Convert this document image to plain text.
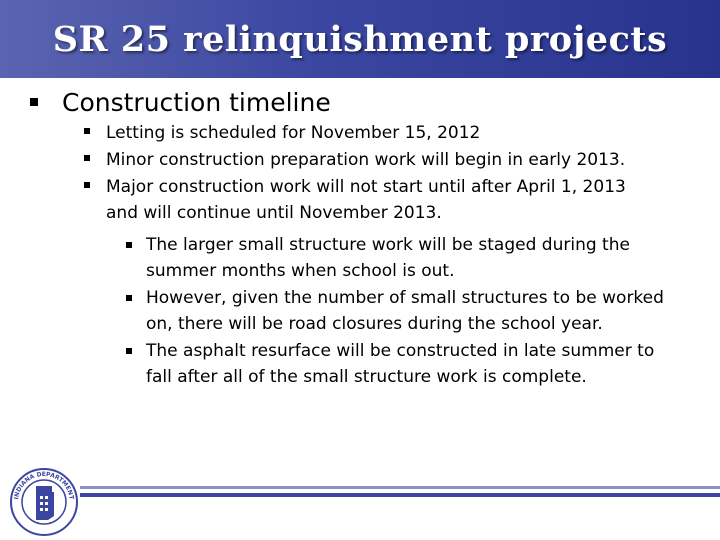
SR 25 relinquishment projects
Construction timeline
Letting is scheduled for November 15, 2012
Minor construction preparation work will begin in early 2013.
Major construction work will not start until after April 1, 2013 and will continue until November 2013.
The larger small structure work will be staged during the summer months when school is out.
However, given the number of small structures to be worked on, there will be road closures during the school year.
The asphalt resurface will be constructed in late summer to fall after all of the small structure work is complete.
INDIANA DEPARTMENT
